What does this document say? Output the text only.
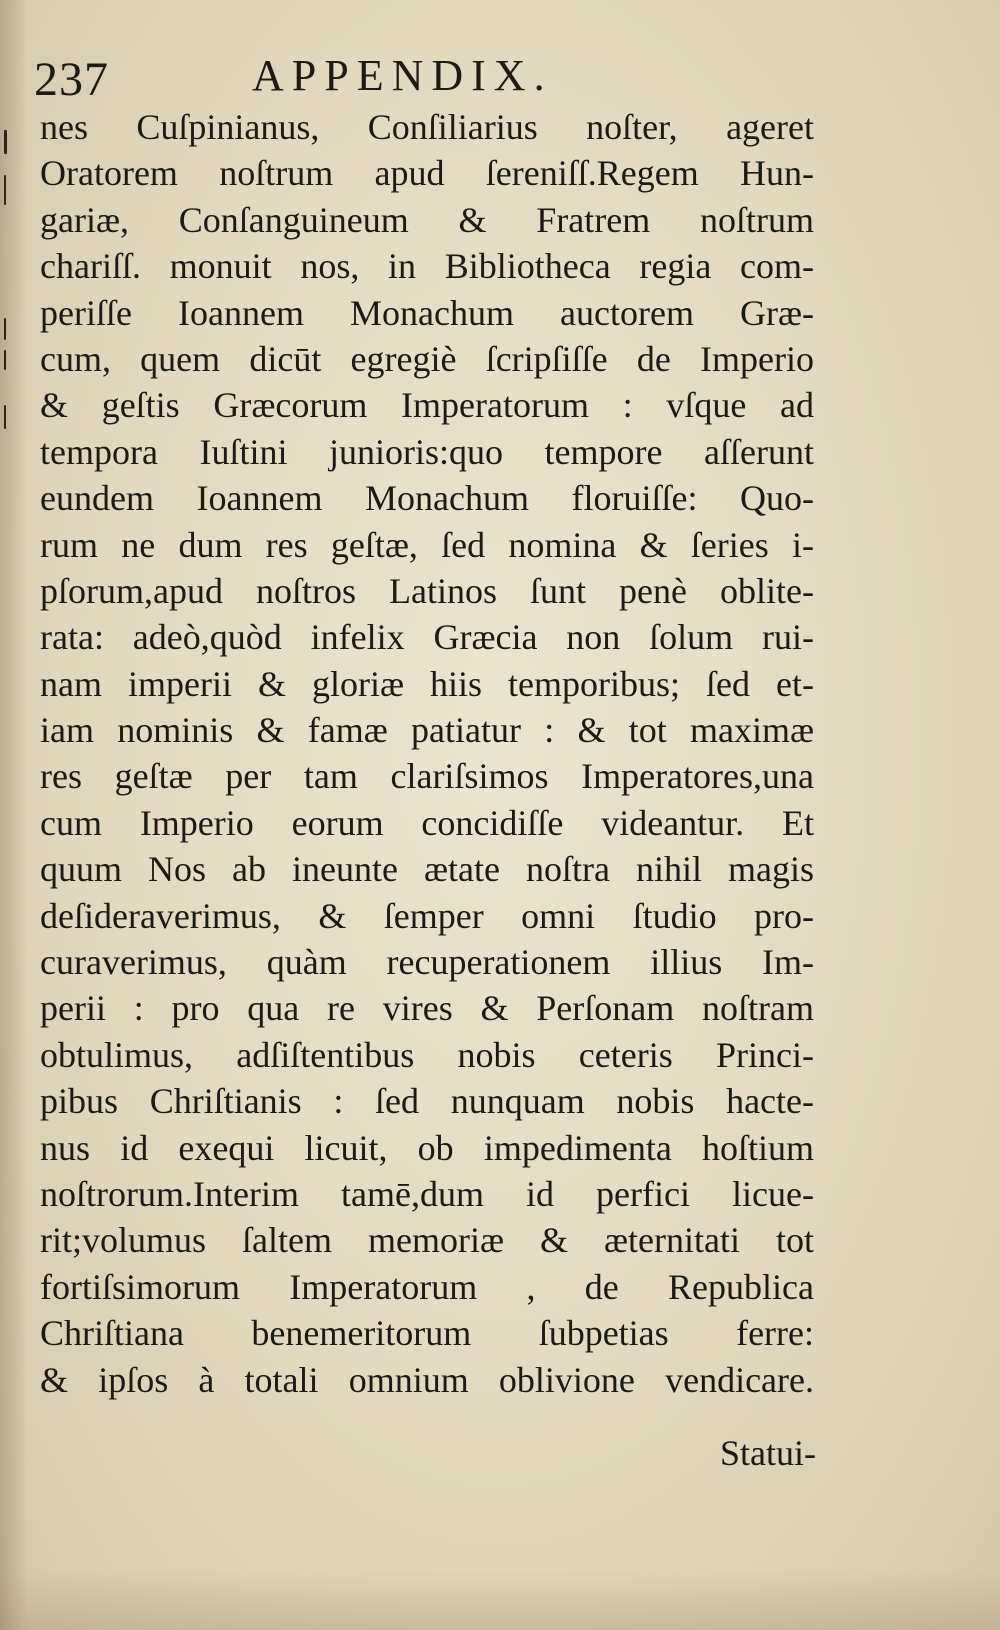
237	APPENDIX.
nes Cuſpinianus, Conſiliarius noſter, ageret
Oratorem noſtrum apud ſereniſſ.Regem Hun-
gariæ, Conſanguineum & Fratrem noſtrum
chariſſ. monuit nos, in Bibliotheca regia com-
periſſe Ioannem Monachum auctorem Græ-
cum, quem dicūt egregiè ſcripſiſſe de Imperio
& geſtis Græcorum Imperatorum : vſque ad
tempora Iuſtini junioris:quo tempore aſſerunt
eundem Ioannem Monachum floruiſſe: Quo-
rum ne dum res geſtæ, ſed nomina & ſeries i-
pſorum,apud noſtros Latinos ſunt penè oblite-
rata: adeò,quòd infelix Græcia non ſolum rui-
nam imperii & gloriæ hiis temporibus; ſed et-
iam nominis & famæ patiatur : & tot maximæ
res geſtæ per tam clariſsimos Imperatores,una
cum Imperio eorum concidiſſe videantur. Et
quum Nos ab ineunte ætate noſtra nihil magis
deſideraverimus, & ſemper omni ſtudio pro-
curaverimus, quàm recuperationem illius Im-
perii : pro qua re vires & Perſonam noſtram
obtulimus, adſiſtentibus nobis ceteris Princi-
pibus Chriſtianis : ſed nunquam nobis hacte-
nus id exequi licuit, ob impedimenta hoſtium
noſtrorum.Interim tamē,dum id perfici licue-
rit;volumus ſaltem memoriæ & æternitati tot
fortiſsimorum Imperatorum , de Republica
Chriſtiana benemeritorum ſubpetias ferre:
& ipſos à totali omnium oblivione vendicare.
Statui-
